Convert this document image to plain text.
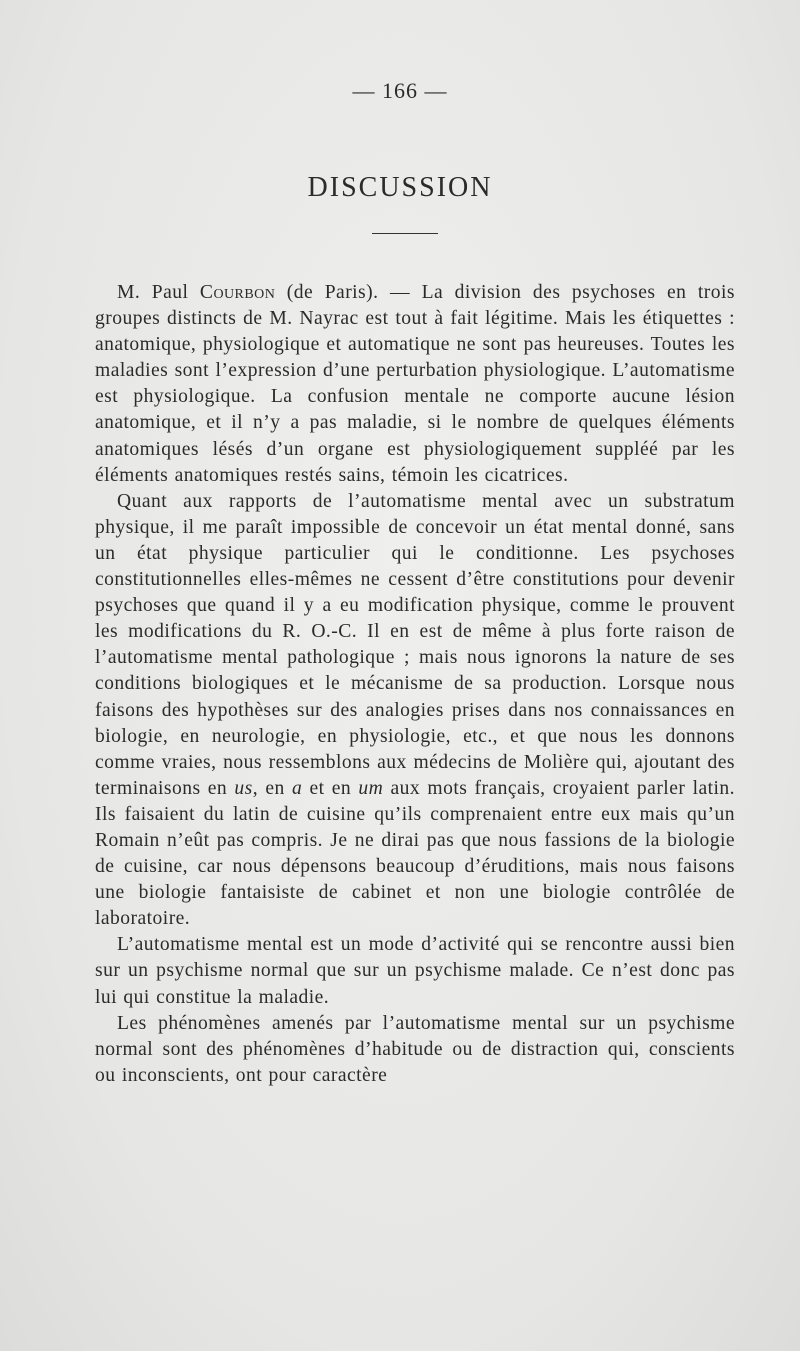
— 166 —
DISCUSSION

M. Paul Courbon (de Paris). — La division des psychoses en trois groupes distincts de M. Nayrac est tout à fait légitime. Mais les étiquettes : anatomique, physiologique et automatique ne sont pas heureuses. Toutes les maladies sont l’expression d’une perturbation physiologique. L’automatisme est physiologique. La confusion mentale ne comporte aucune lésion anatomique, et il n’y a pas maladie, si le nombre de quelques éléments anatomiques lésés d’un organe est physiologiquement suppléé par les éléments anatomiques restés sains, témoin les cicatrices.

Quant aux rapports de l’automatisme mental avec un substratum physique, il me paraît impossible de concevoir un état mental donné, sans un état physique particulier qui le conditionne. Les psychoses constitutionnelles elles-mêmes ne cessent d’être constitutions pour devenir psychoses que quand il y a eu modification physique, comme le prouvent les modifications du R. O.-C. Il en est de même à plus forte raison de l’automatisme mental pathologique ; mais nous ignorons la nature de ses conditions biologiques et le mécanisme de sa production. Lorsque nous faisons des hypothèses sur des analogies prises dans nos connaissances en biologie, en neurologie, en physiologie, etc., et que nous les donnons comme vraies, nous ressemblons aux médecins de Molière qui, ajoutant des terminaisons en us, en a et en um aux mots français, croyaient parler latin. Ils faisaient du latin de cuisine qu’ils comprenaient entre eux mais qu’un Romain n’eût pas compris. Je ne dirai pas que nous fassions de la biologie de cuisine, car nous dépensons beaucoup d’éruditions, mais nous faisons une biologie fantaisiste de cabinet et non une biologie contrôlée de laboratoire.

L’automatisme mental est un mode d’activité qui se rencontre aussi bien sur un psychisme normal que sur un psychisme malade. Ce n’est donc pas lui qui constitue la maladie.

Les phénomènes amenés par l’automatisme mental sur un psychisme normal sont des phénomènes d’habitude ou de distraction qui, conscients ou inconscients, ont pour caractère
